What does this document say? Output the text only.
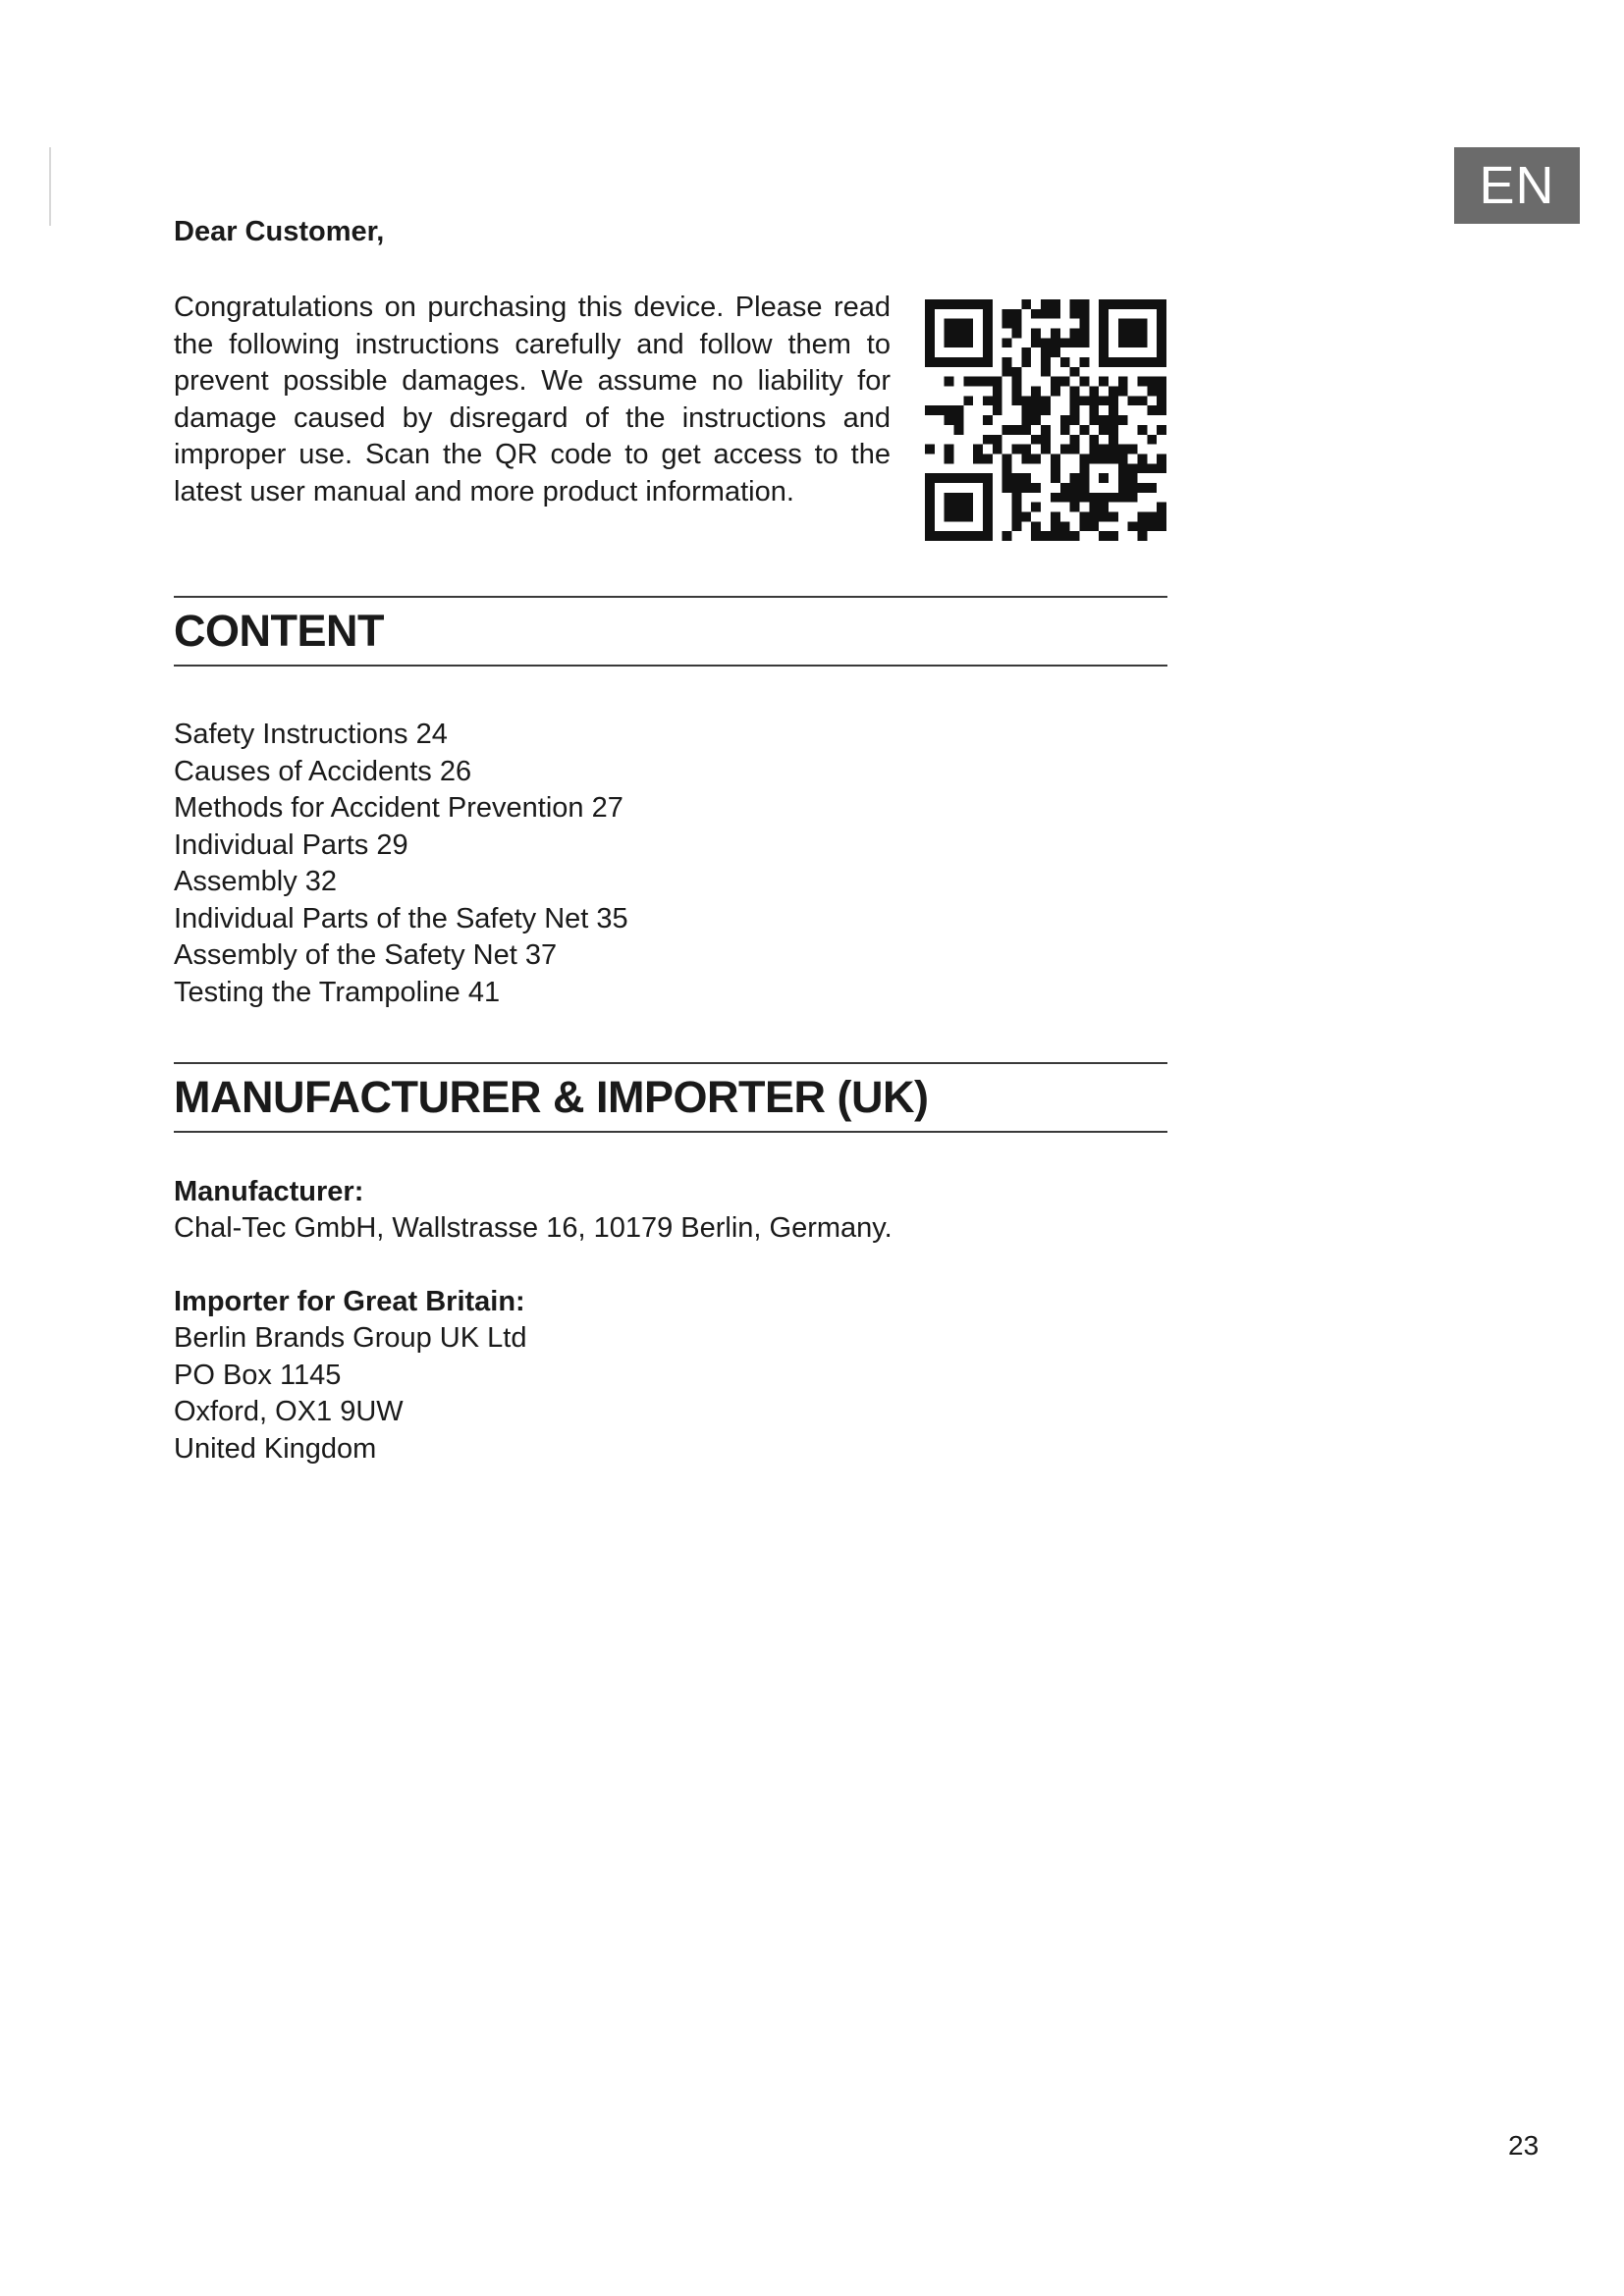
EN
Dear Customer,

Congratulations on purchasing this device. Please read the following instructions carefully and follow them to prevent possible damages. We assume no liability for damage caused by disregard of the instructions and improper use. Scan the QR code to get access to the latest user manual and more product information.

CONTENT
Safety Instructions 24
Causes of Accidents 26
Methods for Accident Prevention 27
Individual Parts 29
Assembly 32
Individual Parts of the Safety Net 35
Assembly of the Safety Net 37
Testing the Trampoline 41
MANUFACTURER & IMPORTER (UK)
Manufacturer:
Chal-Tec GmbH, Wallstrasse 16, 10179 Berlin, Germany.
Importer for Great Britain:
Berlin Brands Group UK Ltd
PO Box 1145
Oxford, OX1 9UW
United Kingdom
23
